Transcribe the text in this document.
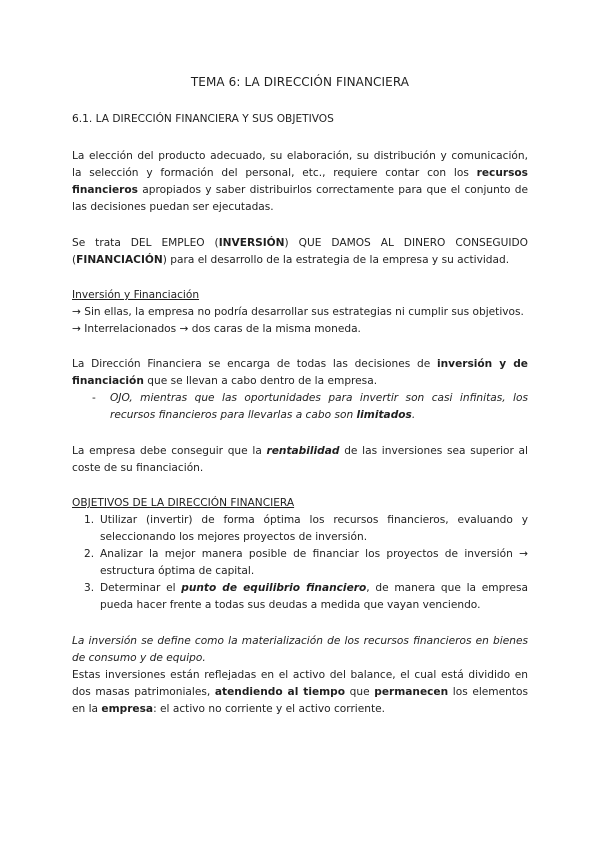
TEMA 6: LA DIRECCIÓN FINANCIERA

6.1. LA DIRECCIÓN FINANCIERA Y SUS OBJETIVOS

La elección del producto adecuado, su elaboración, su distribución y comunicación, la selección y formación del personal, etc., requiere contar con los recursos financieros apropiados y saber distribuirlos correctamente para que el conjunto de las decisiones puedan ser ejecutadas.

Se trata DEL EMPLEO (INVERSIÓN) QUE DAMOS AL DINERO CONSEGUIDO (FINANCIACIÓN) para el desarrollo de la estrategia de la empresa y su actividad.

Inversión y Financiación

→ Sin ellas, la empresa no podría desarrollar sus estrategias ni cumplir sus objetivos.

→ Interrelacionados → dos caras de la misma moneda.

La Dirección Financiera se encarga de todas las decisiones de inversión y de financiación que se llevan a cabo dentro de la empresa.

- OJO, mientras que las oportunidades para invertir son casi infinitas, los recursos financieros para llevarlas a cabo son limitados.

La empresa debe conseguir que la rentabilidad de las inversiones sea superior al coste de su financiación.

OBJETIVOS DE LA DIRECCIÓN FINANCIERA

1. Utilizar (invertir) de forma óptima los recursos financieros, evaluando y seleccionando los mejores proyectos de inversión.
2. Analizar la mejor manera posible de financiar los proyectos de inversión → estructura óptima de capital.
3. Determinar el punto de equilibrio financiero, de manera que la empresa pueda hacer frente a todas sus deudas a medida que vayan venciendo.

La inversión se define como la materialización de los recursos financieros en bienes de consumo y de equipo.

Estas inversiones están reflejadas en el activo del balance, el cual está dividido en dos masas patrimoniales, atendiendo al tiempo que permanecen los elementos en la empresa: el activo no corriente y el activo corriente.
